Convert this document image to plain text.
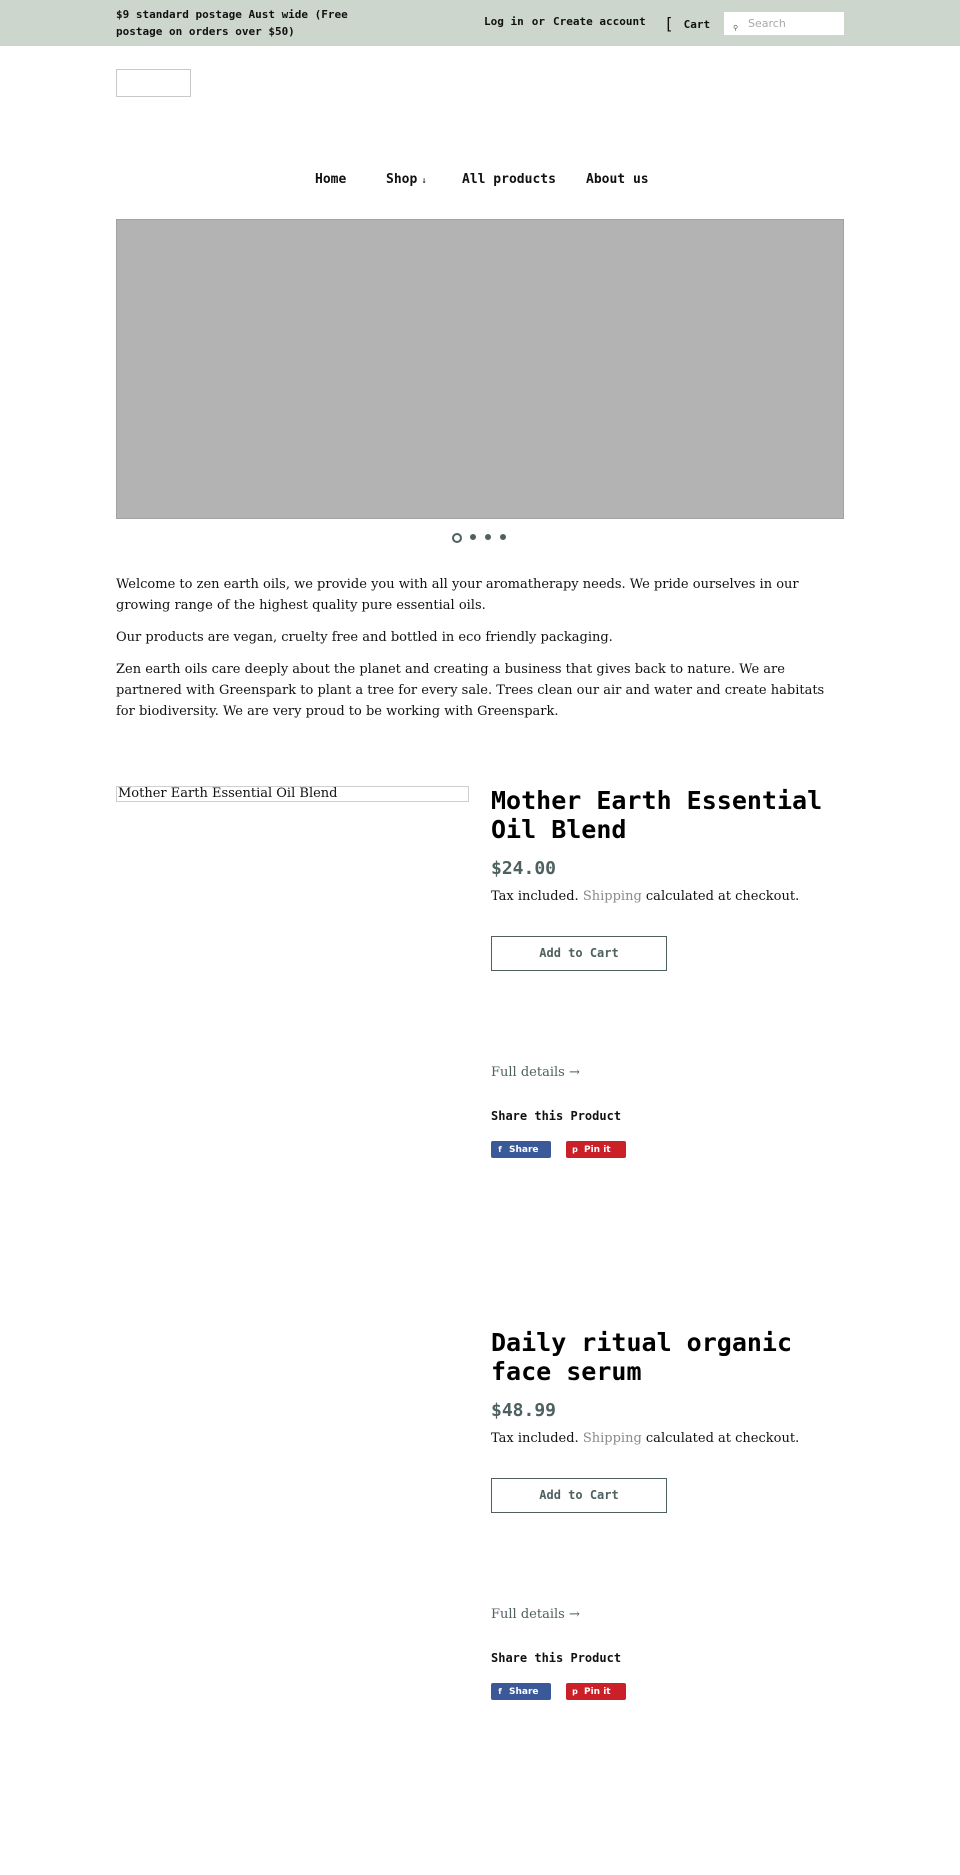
$9 standard postage Aust wide (Free postage on orders over $50)
Log in or Create account [ Cart	⚲
Search
Home	Shop ↓	All products About us

Welcome to zen earth oils, we provide you with all your aromatherapy needs. We pride ourselves in our growing range of the highest quality pure essential oils.

Our products are vegan, cruelty free and bottled in eco friendly packaging.

Zen earth oils care deeply about the planet and creating a business that gives back to nature. We are partnered with Greenspark to plant a tree for every sale. Trees clean our air and water and create habitats for biodiversity. We are very proud to be working with Greenspark.

Mother Earth Essential Oil Blend	Mother Earth Essential Oil Blend
$24.00
Tax included. Shipping calculated at checkout.
Add to Cart
Full details →
Share this Product
f Share	p Pin it
Daily ritual organic face serum
$48.99
Tax included. Shipping calculated at checkout.
Add to Cart
Full details →
Share this Product
f Share	p Pin it
